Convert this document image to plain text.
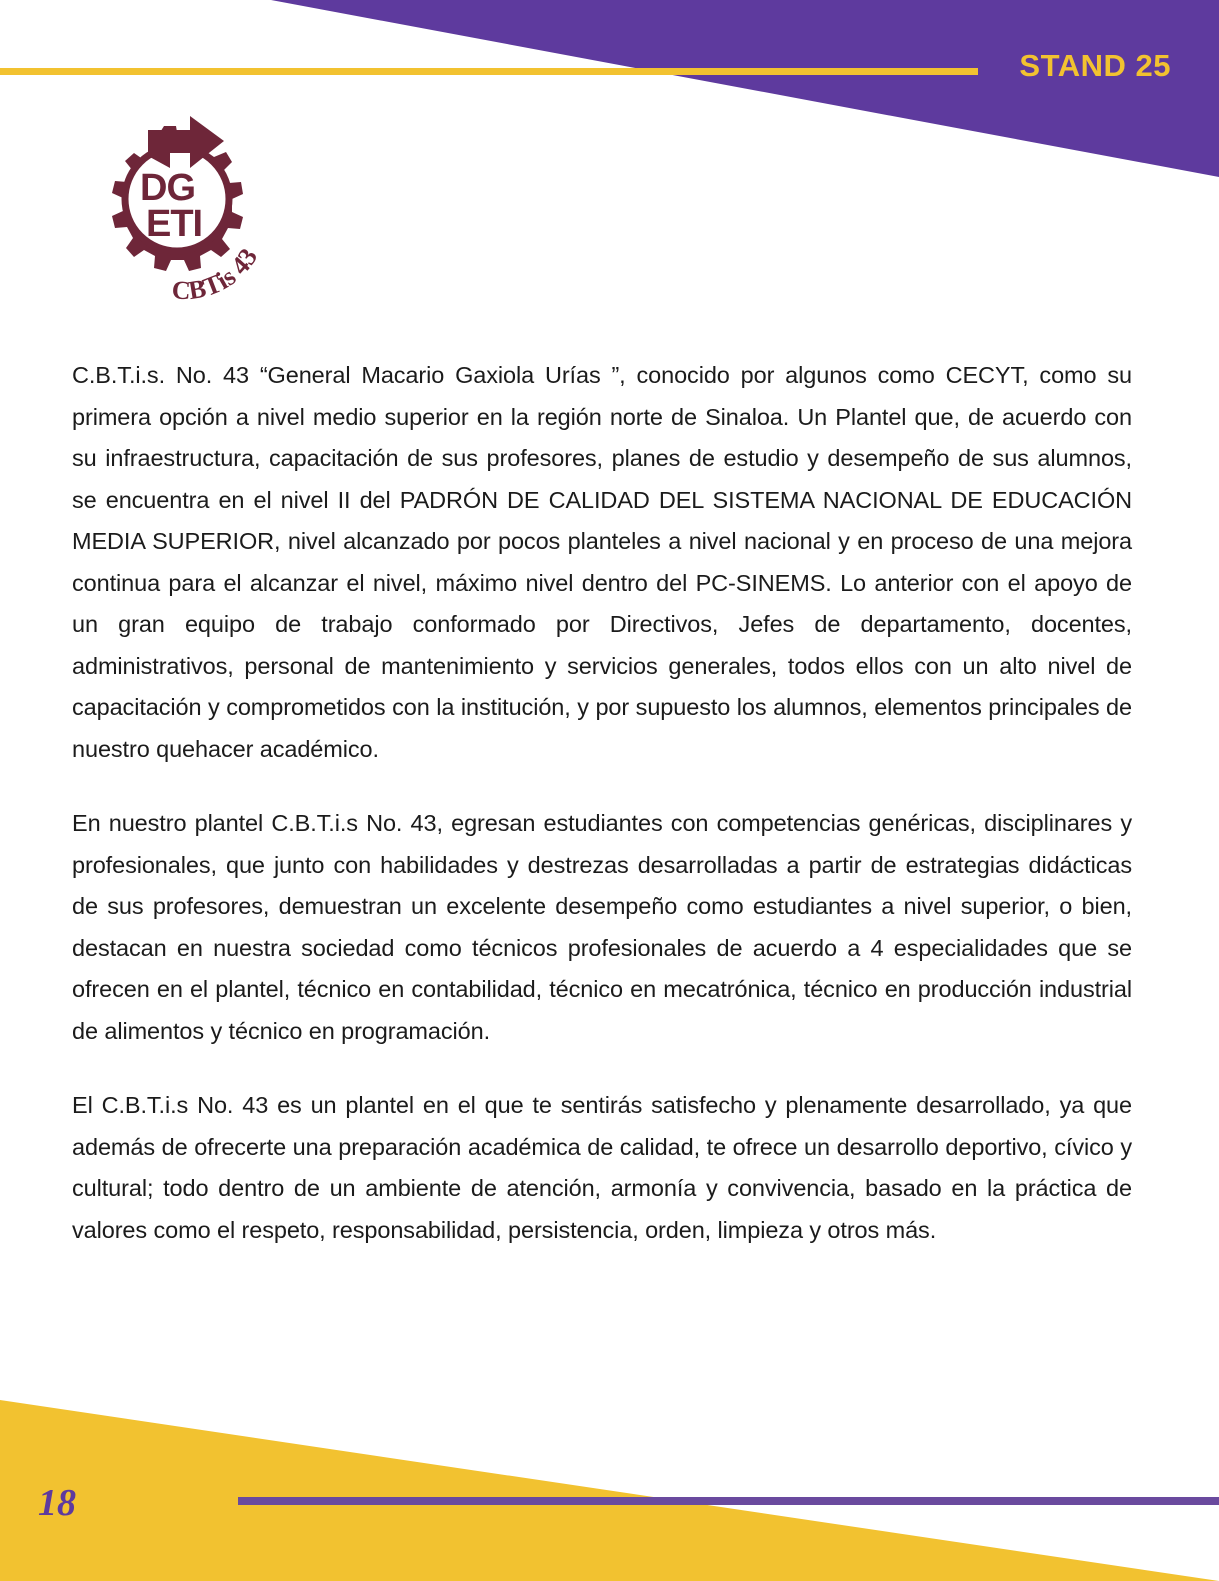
STAND 25
DG
ETI
CBTis 43

C.B.T.i.s. No. 43 “General Macario Gaxiola Urías ”, conocido por algunos como CECYT, como su primera opción a nivel medio superior en la región norte de Sinaloa. Un Plantel que, de acuerdo con su infraestructura, capacitación de sus profesores, planes de estudio y desempeño de sus alumnos, se encuentra en el nivel II del PADRÓN DE CALIDAD DEL SISTEMA NACIONAL DE EDUCACIÓN MEDIA SUPERIOR, nivel alcanzado por pocos planteles a nivel nacional y en proceso de una mejora continua para el alcanzar el nivel, máximo nivel dentro del PC-SINEMS. Lo anterior con el apoyo de un gran equipo de trabajo conformado por Directivos, Jefes de departamento, docentes, administrativos, personal de mantenimiento y servicios generales, todos ellos con un alto nivel de capacitación y comprometidos con la institución, y por supuesto los alumnos, elementos principales de nuestro quehacer académico.

En nuestro plantel C.B.T.i.s No. 43, egresan estudiantes con competencias genéricas, disciplinares y profesionales, que junto con habilidades y destrezas desarrolladas a partir de estrategias didácticas de sus profesores, demuestran un excelente desempeño como estudiantes a nivel superior, o bien, destacan en nuestra sociedad como técnicos profesionales de acuerdo a 4 especialidades que se ofrecen en el plantel, técnico en contabilidad, técnico en mecatrónica, técnico en producción industrial de alimentos y técnico en programación.

El C.B.T.i.s No. 43 es un plantel en el que te sentirás satisfecho y plenamente desarrollado, ya que además de ofrecerte una preparación académica de calidad, te ofrece un desarrollo deportivo, cívico y cultural; todo dentro de un ambiente de atención, armonía y convivencia, basado en la práctica de valores como el respeto, responsabilidad, persistencia, orden, limpieza y otros más.

18
